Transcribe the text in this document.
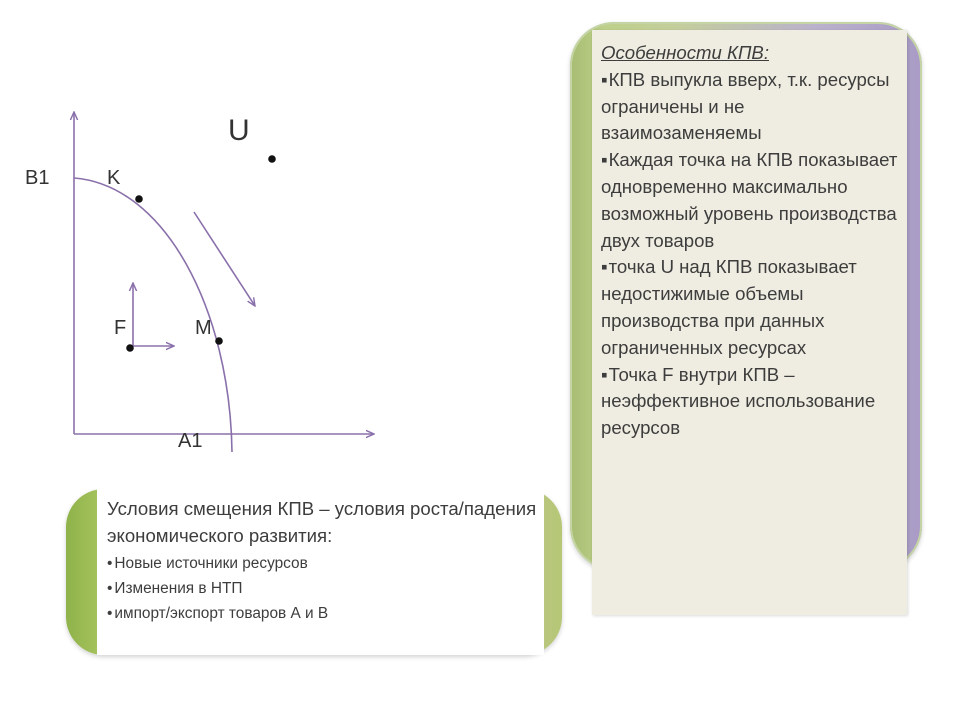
B1	K
U
F	M
A1

Особенности КПВ:

▪ КПВ выпукла вверх, т.к. ресурсы ограничены и не взаимозаменяемы

▪ Каждая точка на КПВ показывает одновременно максимально возможный уровень производства двух товаров

▪ точка U над КПВ показывает недостижимые объемы производства при данных ограниченных ресурсах

▪ Точка F внутри КПВ – неэффективное использование ресурсов

Условия смещения КПВ – условия роста/падения экономического развития:

• Новые источники ресурсов
• Изменения в НТП
• импорт/экспорт товаров А и В
